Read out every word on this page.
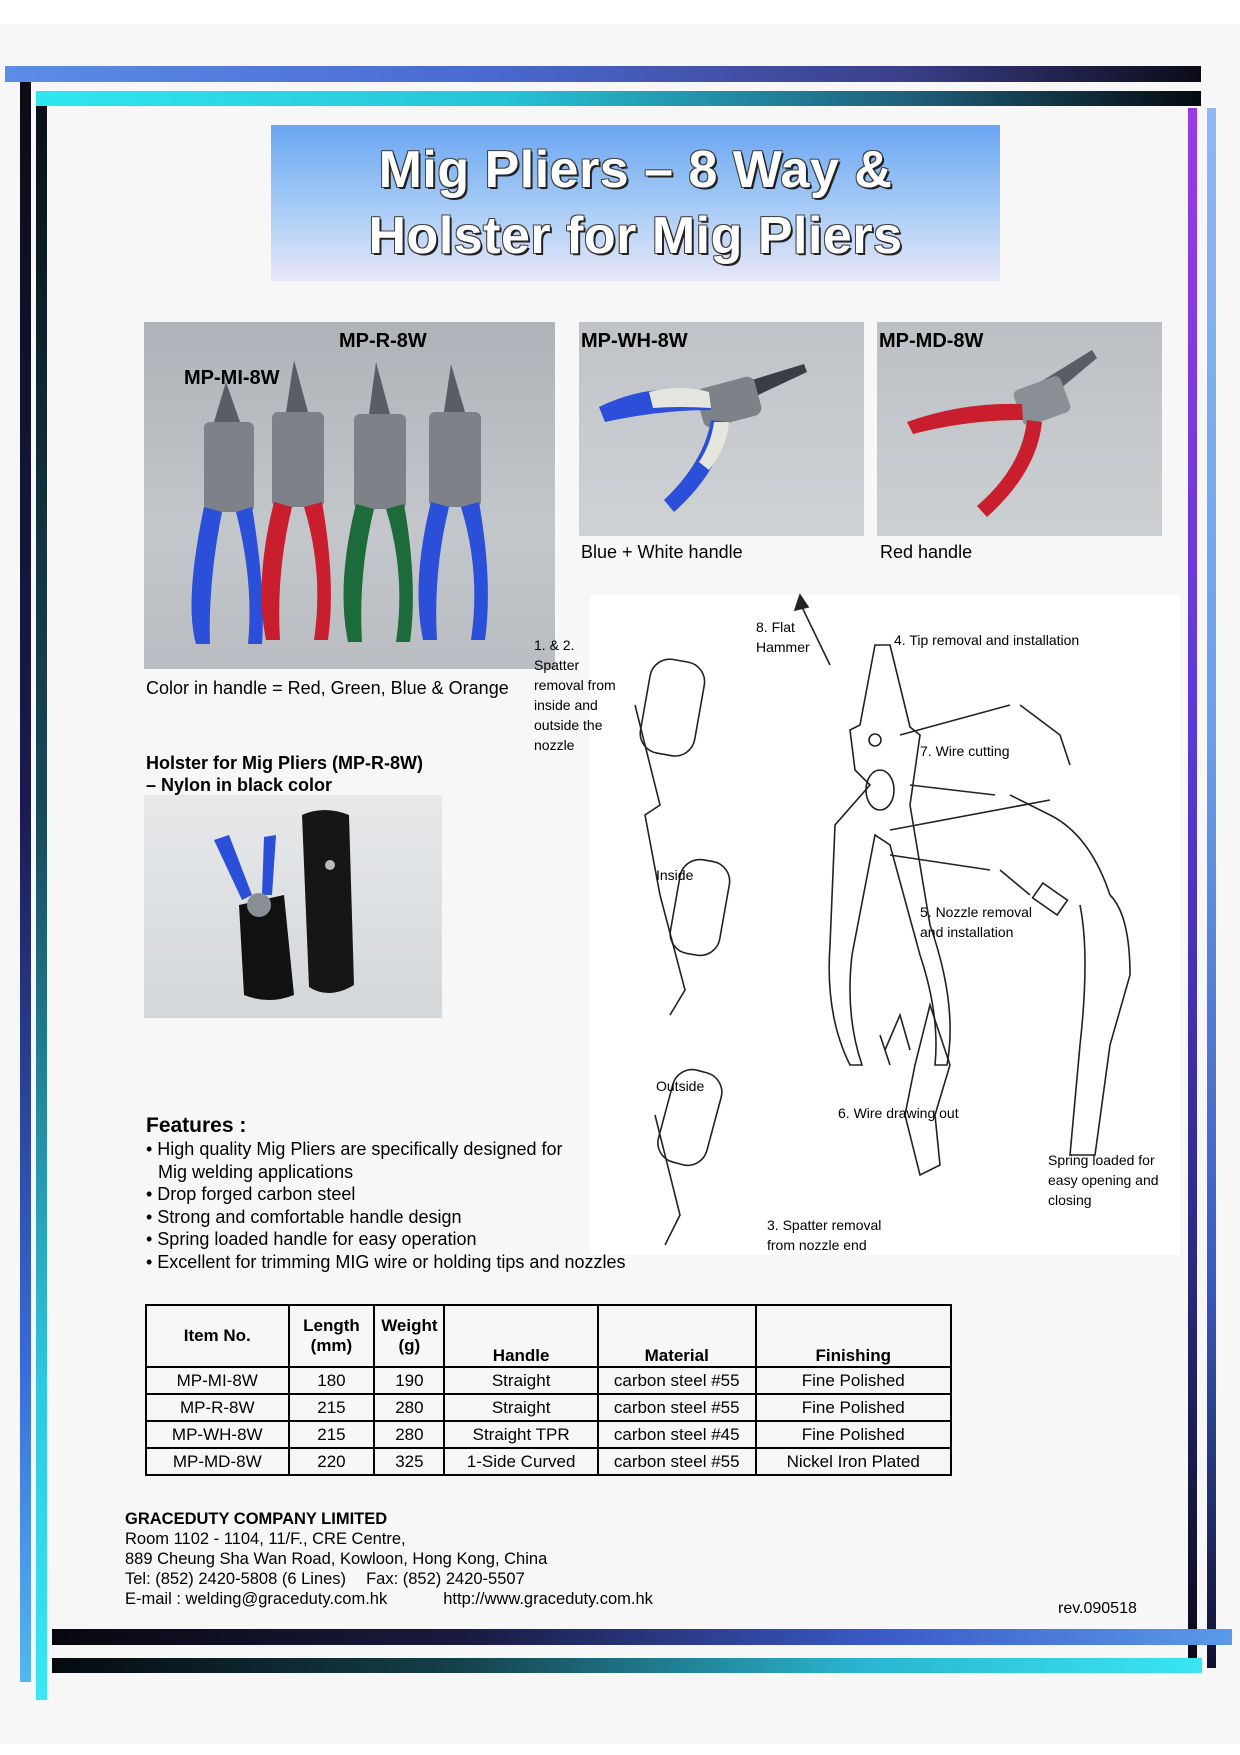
Mig Pliers – 8 Way &
Holster for Mig Pliers
MP-R-8W
MP-MI-8W
Color in handle = Red, Green, Blue & Orange
MP-WH-8W
Blue + White handle
MP-MD-8W
Red handle
Holster for Mig Pliers (MP-R-8W)
– Nylon in black color
1. & 2.
Spatter
removal from
inside and
outside the
nozzle
8. Flat
Hammer	4. Tip removal and installation
7. Wire cutting
Inside
5. Nozzle removal
and installation
Outside
6. Wire drawing out
Spring loaded for
easy opening and
closing
3. Spatter removal
from nozzle end
Features :
• High quality Mig Pliers are specifically designed for
Mig welding applications
• Drop forged carbon steel
• Strong and comfortable handle design
• Spring loaded handle for easy operation
• Excellent for trimming MIG wire or holding tips and nozzles
Item No.	Length (mm)	Weight (g)	Handle	Material	Finishing
MP-MI-8W	180	190	Straight	carbon steel #55	Fine Polished
MP-R-8W	215	280	Straight	carbon steel #55	Fine Polished
MP-WH-8W	215	280	Straight TPR	carbon steel #45	Fine Polished
MP-MD-8W	220	325	1-Side Curved	carbon steel #55	Nickel Iron Plated
GRACEDUTY COMPANY LIMITED
Room 1102 - 1104, 11/F., CRE Centre,
889 Cheung Sha Wan Road, Kowloon, Hong Kong, China
Tel: (852) 2420-5808 (6 Lines) Fax: (852) 2420-5507
E-mail : welding@graceduty.com.hk	http://www.graceduty.com.hk
rev.090518
